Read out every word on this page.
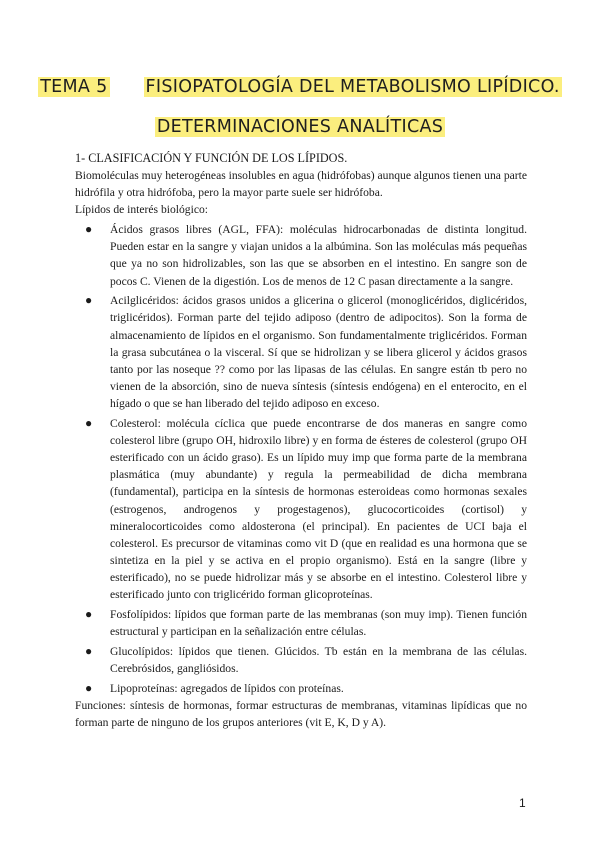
TEMA 5 FISIOPATOLOGÍA DEL METABOLISMO LIPÍDICO.
DETERMINACIONES ANALÍTICAS

1- CLASIFICACIÓN Y FUNCIÓN DE LOS LÍPIDOS.

Biomoléculas muy heterogéneas insolubles en agua (hidrófobas) aunque algunos tienen una parte hidrófila y otra hidrófoba, pero la mayor parte suele ser hidrófoba.

Lípidos de interés biológico:

● Ácidos grasos libres (AGL, FFA): moléculas hidrocarbonadas de distinta longitud. Pueden estar en la sangre y viajan unidos a la albúmina. Son las moléculas más pequeñas que ya no son hidrolizables, son las que se absorben en el intestino. En sangre son de pocos C. Vienen de la digestión. Los de menos de 12 C pasan directamente a la sangre.
● Acilglicéridos: ácidos grasos unidos a glicerina o glicerol (monoglicéridos, diglicéridos, triglicéridos). Forman parte del tejido adiposo (dentro de adipocitos). Son la forma de almacenamiento de lípidos en el organismo. Son fundamentalmente triglicéridos. Forman la grasa subcutánea o la visceral. Sí que se hidrolizan y se libera glicerol y ácidos grasos tanto por las noseque ?? como por las lipasas de las células. En sangre están tb pero no vienen de la absorción, sino de nueva síntesis (síntesis endógena) en el enterocito, en el hígado o que se han liberado del tejido adiposo en exceso.
● Colesterol: molécula cíclica que puede encontrarse de dos maneras en sangre como colesterol libre (grupo OH, hidroxilo libre) y en forma de ésteres de colesterol (grupo OH esterificado con un ácido graso). Es un lípido muy imp que forma parte de la membrana plasmática (muy abundante) y regula la permeabilidad de dicha membrana (fundamental), participa en la síntesis de hormonas esteroideas como hormonas sexales (estrogenos, androgenos y progestagenos), glucocorticoides (cortisol) y mineralocorticoides como aldosterona (el principal). En pacientes de UCI baja el colesterol. Es precursor de vitaminas como vit D (que en realidad es una hormona que se sintetiza en la piel y se activa en el propio organismo). Está en la sangre (libre y esterificado), no se puede hidrolizar más y se absorbe en el intestino. Colesterol libre y esterificado junto con triglicérido forman glicoproteínas.
● Fosfolípidos: lípidos que forman parte de las membranas (son muy imp). Tienen función estructural y participan en la señalización entre células.
● Glucolípidos: lípidos que tienen. Glúcidos. Tb están en la membrana de las células. Cerebrósidos, gangliósidos.
● Lipoproteínas: agregados de lípidos con proteínas.

Funciones: síntesis de hormonas, formar estructuras de membranas, vitaminas lipídicas que no forman parte de ninguno de los grupos anteriores (vit E, K, D y A).

1
